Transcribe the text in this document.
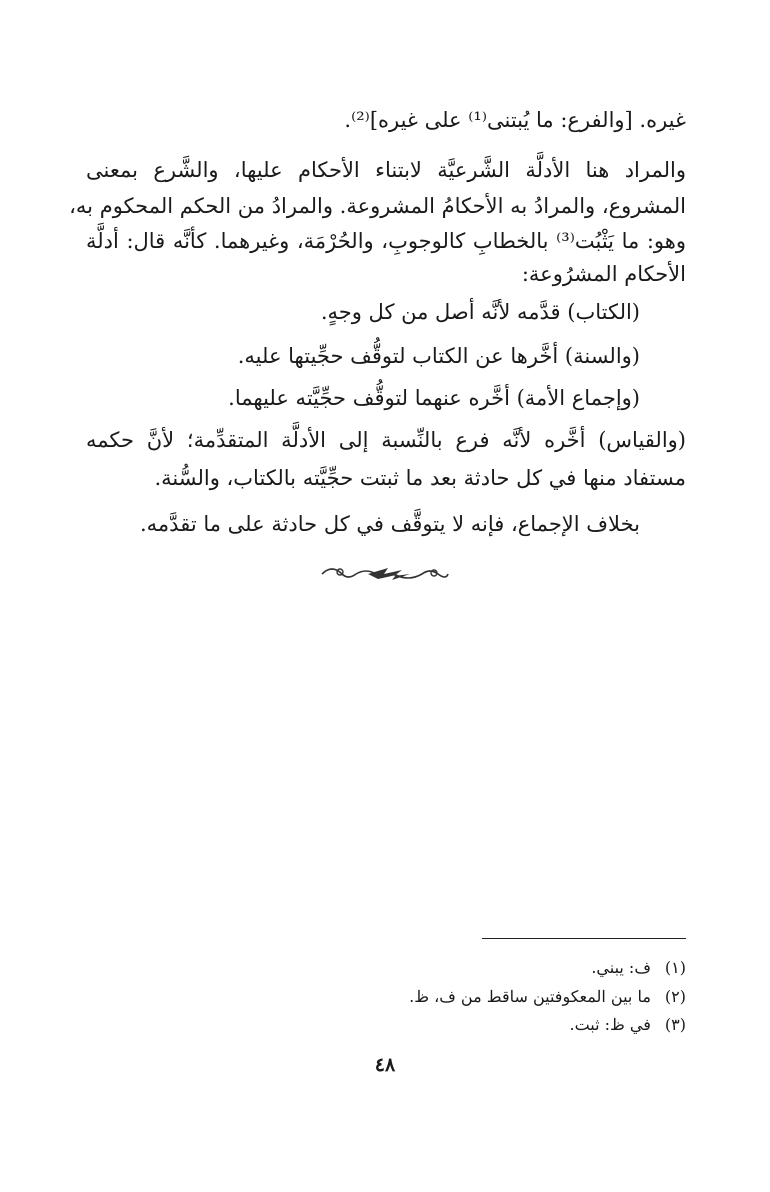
غيره. [والفرع: ما يُبتنى⁽¹⁾ على غيره]⁽²⁾.
والمراد هنا الأدلَّة الشَّرعيَّة لابتناء الأحكام عليها، والشَّرع بمعنى
المشروع، والمرادُ به الأحكامُ المشروعة. والمرادُ من الحكم المحكوم به،
وهو: ما يَثْبُت⁽³⁾ بالخطابِ كالوجوبِ، والحُرْمَة، وغيرهما. كأنَّه قال: أدلَّة
الأحكام المشرُوعة:
(الكتاب) قدَّمه لأنَّه أصل من كل وجهٍ.
(والسنة) أخَّرها عن الكتاب لتوقُّف حجِّيتها عليه.
(وإجماع الأمة) أخَّره عنهما لتوقُّف حجِّيَّته عليهما.
(والقياس) أخَّره لأنَّه فرع بالنِّسبة إلى الأدلَّة المتقدِّمة؛ لأنَّ حكمه
مستفاد منها في كل حادثة بعد ما ثبتت حجِّيَّته بالكتاب، والسُّنة.
بخلاف الإجماع، فإنه لا يتوقَّف في كل حادثة على ما تقدَّمه.
(١)ف: يبني.
(٢)ما بين المعكوفتين ساقط من ف، ظ.
(٣)في ظ: ثبت.
٤٨
